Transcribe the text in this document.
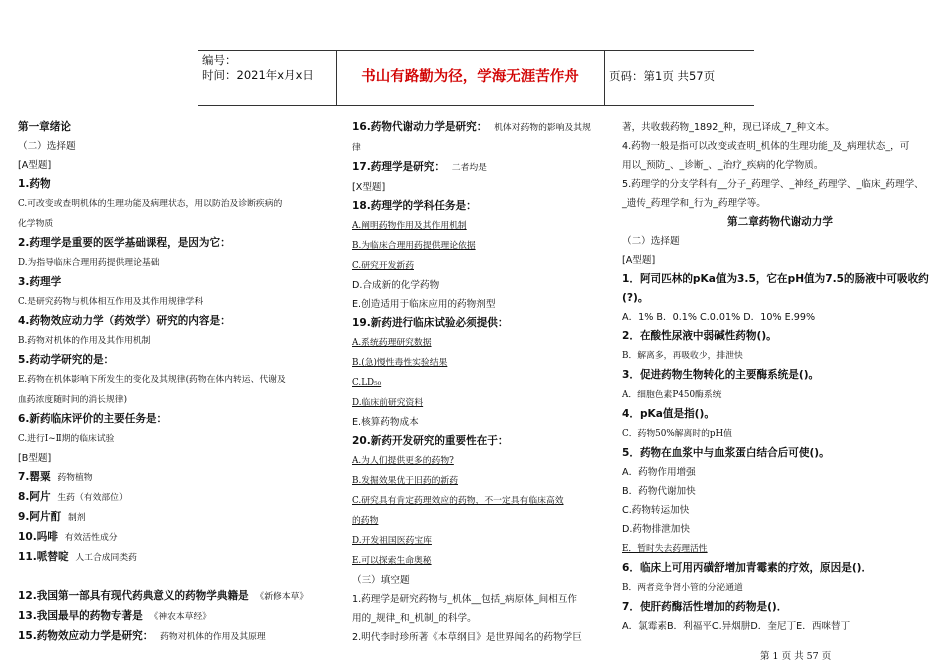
编号：
时间：2021年x月x日	书山有路勤为径，学海无涯苦作舟	页码：第1页 共57页

第一章绪论

（二）选择题

[A型题]

1.药物

C.可改变或查明机体的生理功能及病理状态，用以防治及诊断疾病的

化学物质

2.药理学是重要的医学基础课程，是因为它：

D.为指导临床合理用药提供理论基础

3.药理学

C.是研究药物与机体相互作用及其作用规律学科

4.药物效应动力学（药效学）研究的内容是：

B.药物对机体的作用及其作用机制

5.药动学研究的是：

E.药物在机体影响下所发生的变化及其规律(药物在体内转运、代谢及

血药浓度随时间的消长规律)

6.新药临床评价的主要任务是：

C.进行Ⅰ~Ⅱ期的临床试验

[B型题]

7.罂粟 药物植物

8.阿片 生药（有效部位）

9.阿片酊 制剂

10.吗啡 有效活性成分

11.哌替啶 人工合成同类药

12.我国第一部具有现代药典意义的药物学典籍是 《新修本草》

13.我国最早的药物专著是 《神农本草经》

15.药物效应动力学是研究： 药物对机体的作用及其原理

16.药物代谢动力学是研究： 机体对药物的影响及其规

律

17.药理学是研究： 二者均是

[X型题]

18.药理学的学科任务是：

A.阐明药物作用及其作用机制

B.为临床合理用药提供理论依据

C.研究开发新药

D.合成新的化学药物

E.创造适用于临床应用的药物剂型

19.新药进行临床试验必须提供：

A.系统药理研究数据

B.(急)慢性毒性实验结果

C.LD₅₀

D.临床前研究资料

E.核算药物成本

20.新药开发研究的重要性在于：

A.为人们提供更多的药物?

B.发掘效果优于旧药的新药

C.研究具有肯定药理效应的药物，不一定具有临床高效

的药物

D.开发祖国医药宝库

E.可以探索生命奥秘

（三）填空题

1.药理学是研究药物与_机体__包括_病原体_间相互作

用的_规律_和_机制_的科学。

2.明代李时珍所著《本草纲目》是世界闻名的药物学巨

著，共收载药物_1892_种，现已译成_7_种文本。

4.药物一般是指可以改变或查明_机体的生理功能_及_病理状态_，可

用以_预防_、_诊断_、_治疗_疾病的化学物质。

5.药理学的分支学科有__分子_药理学、_神经_药理学、_临床_药理学、

_遗传_药理学和_行为_药理学等。

第二章药物代谢动力学

（二）选择题

[A型题]

1．阿司匹林的pKa值为3.5，它在pH值为7.5的肠液中可吸收约

(?)。

A．1% B．0.1% C.0.01% D．10% E.99%

2．在酸性尿液中弱碱性药物()。

B．解离多，再吸收少，排泄快

3．促进药物生物转化的主要酶系统是()。

A．细胞色素P450酶系统

4．pKa值是指()。

C．药物50%解离时的pH值

5．药物在血浆中与血浆蛋白结合后可使()。

A．药物作用增强

B．药物代谢加快

C.药物转运加快

D.药物排泄加快

E．暂时失去药理活性

6．临床上可用丙磺舒增加青霉素的疗效，原因是()．

B．两者竞争肾小管的分泌通道

7．使肝药酶活性增加的药物是()．

A．氯霉素B．利福平C.异烟肼D．奎尼丁E．西咪替丁

第 1 页 共 57 页
